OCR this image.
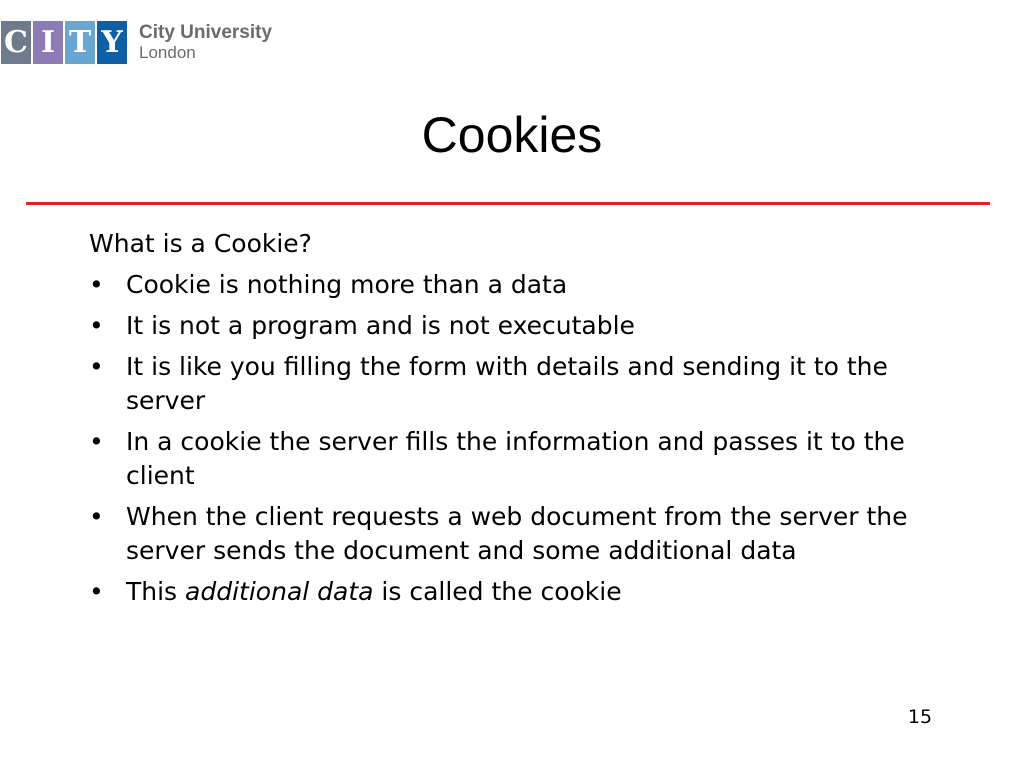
C I T Y City University
London
Cookies

What is a Cookie?

• Cookie is nothing more than a data
• It is not a program and is not executable
• It is like you filling the form with details and sending it to the server
• In a cookie the server fills the information and passes it to the client
• When the client requests a web document from the server the server sends the document and some additional data
• This additional data is called the cookie
15
